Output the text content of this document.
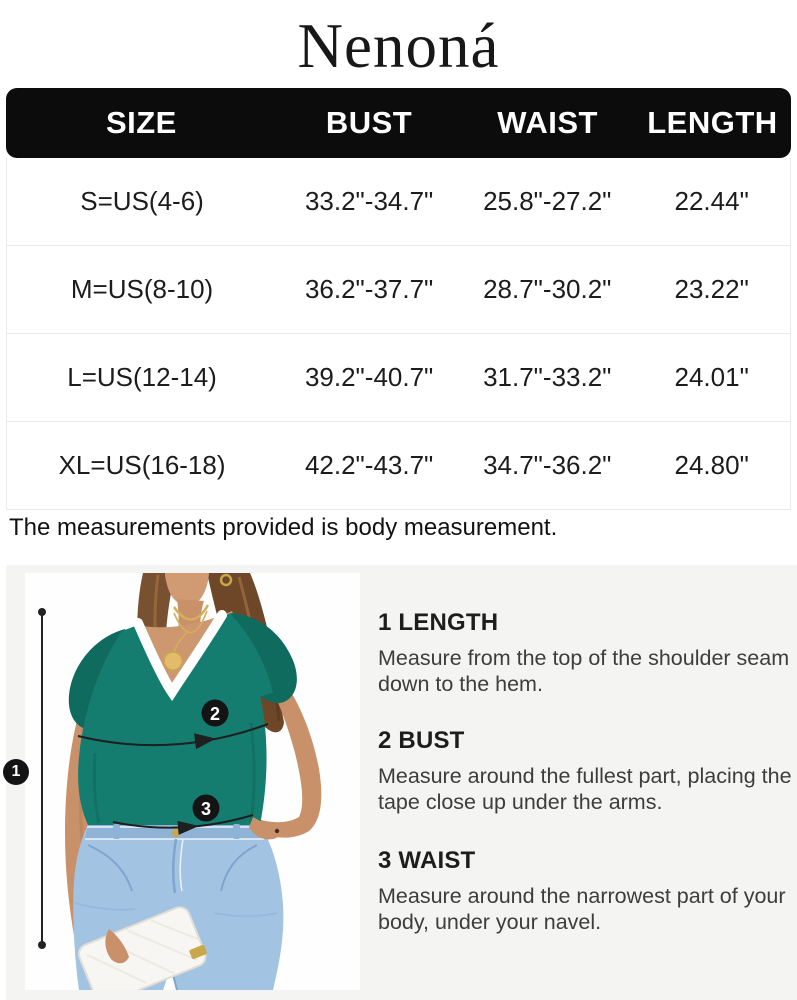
Nenoná
SIZE	BUST	WAIST	LENGTH
S=US(4-6)	33.2"-34.7"	25.8"-27.2"	22.44"
M=US(8-10)	36.2"-37.7"	28.7"-30.2"	23.22"
L=US(12-14)	39.2"-40.7"	31.7"-33.2"	24.01"
XL=US(16-18)	42.2"-43.7"	34.7"-36.2"	24.80"
The measurements provided is body measurement.
2
3
1 LENGTH

Measure from the top of the shoulder seam down to the hem.

2 BUST

Measure around the fullest part, placing the tape close up under the arms.

3 WAIST

Measure around the narrowest part of your body, under your navel.

1
